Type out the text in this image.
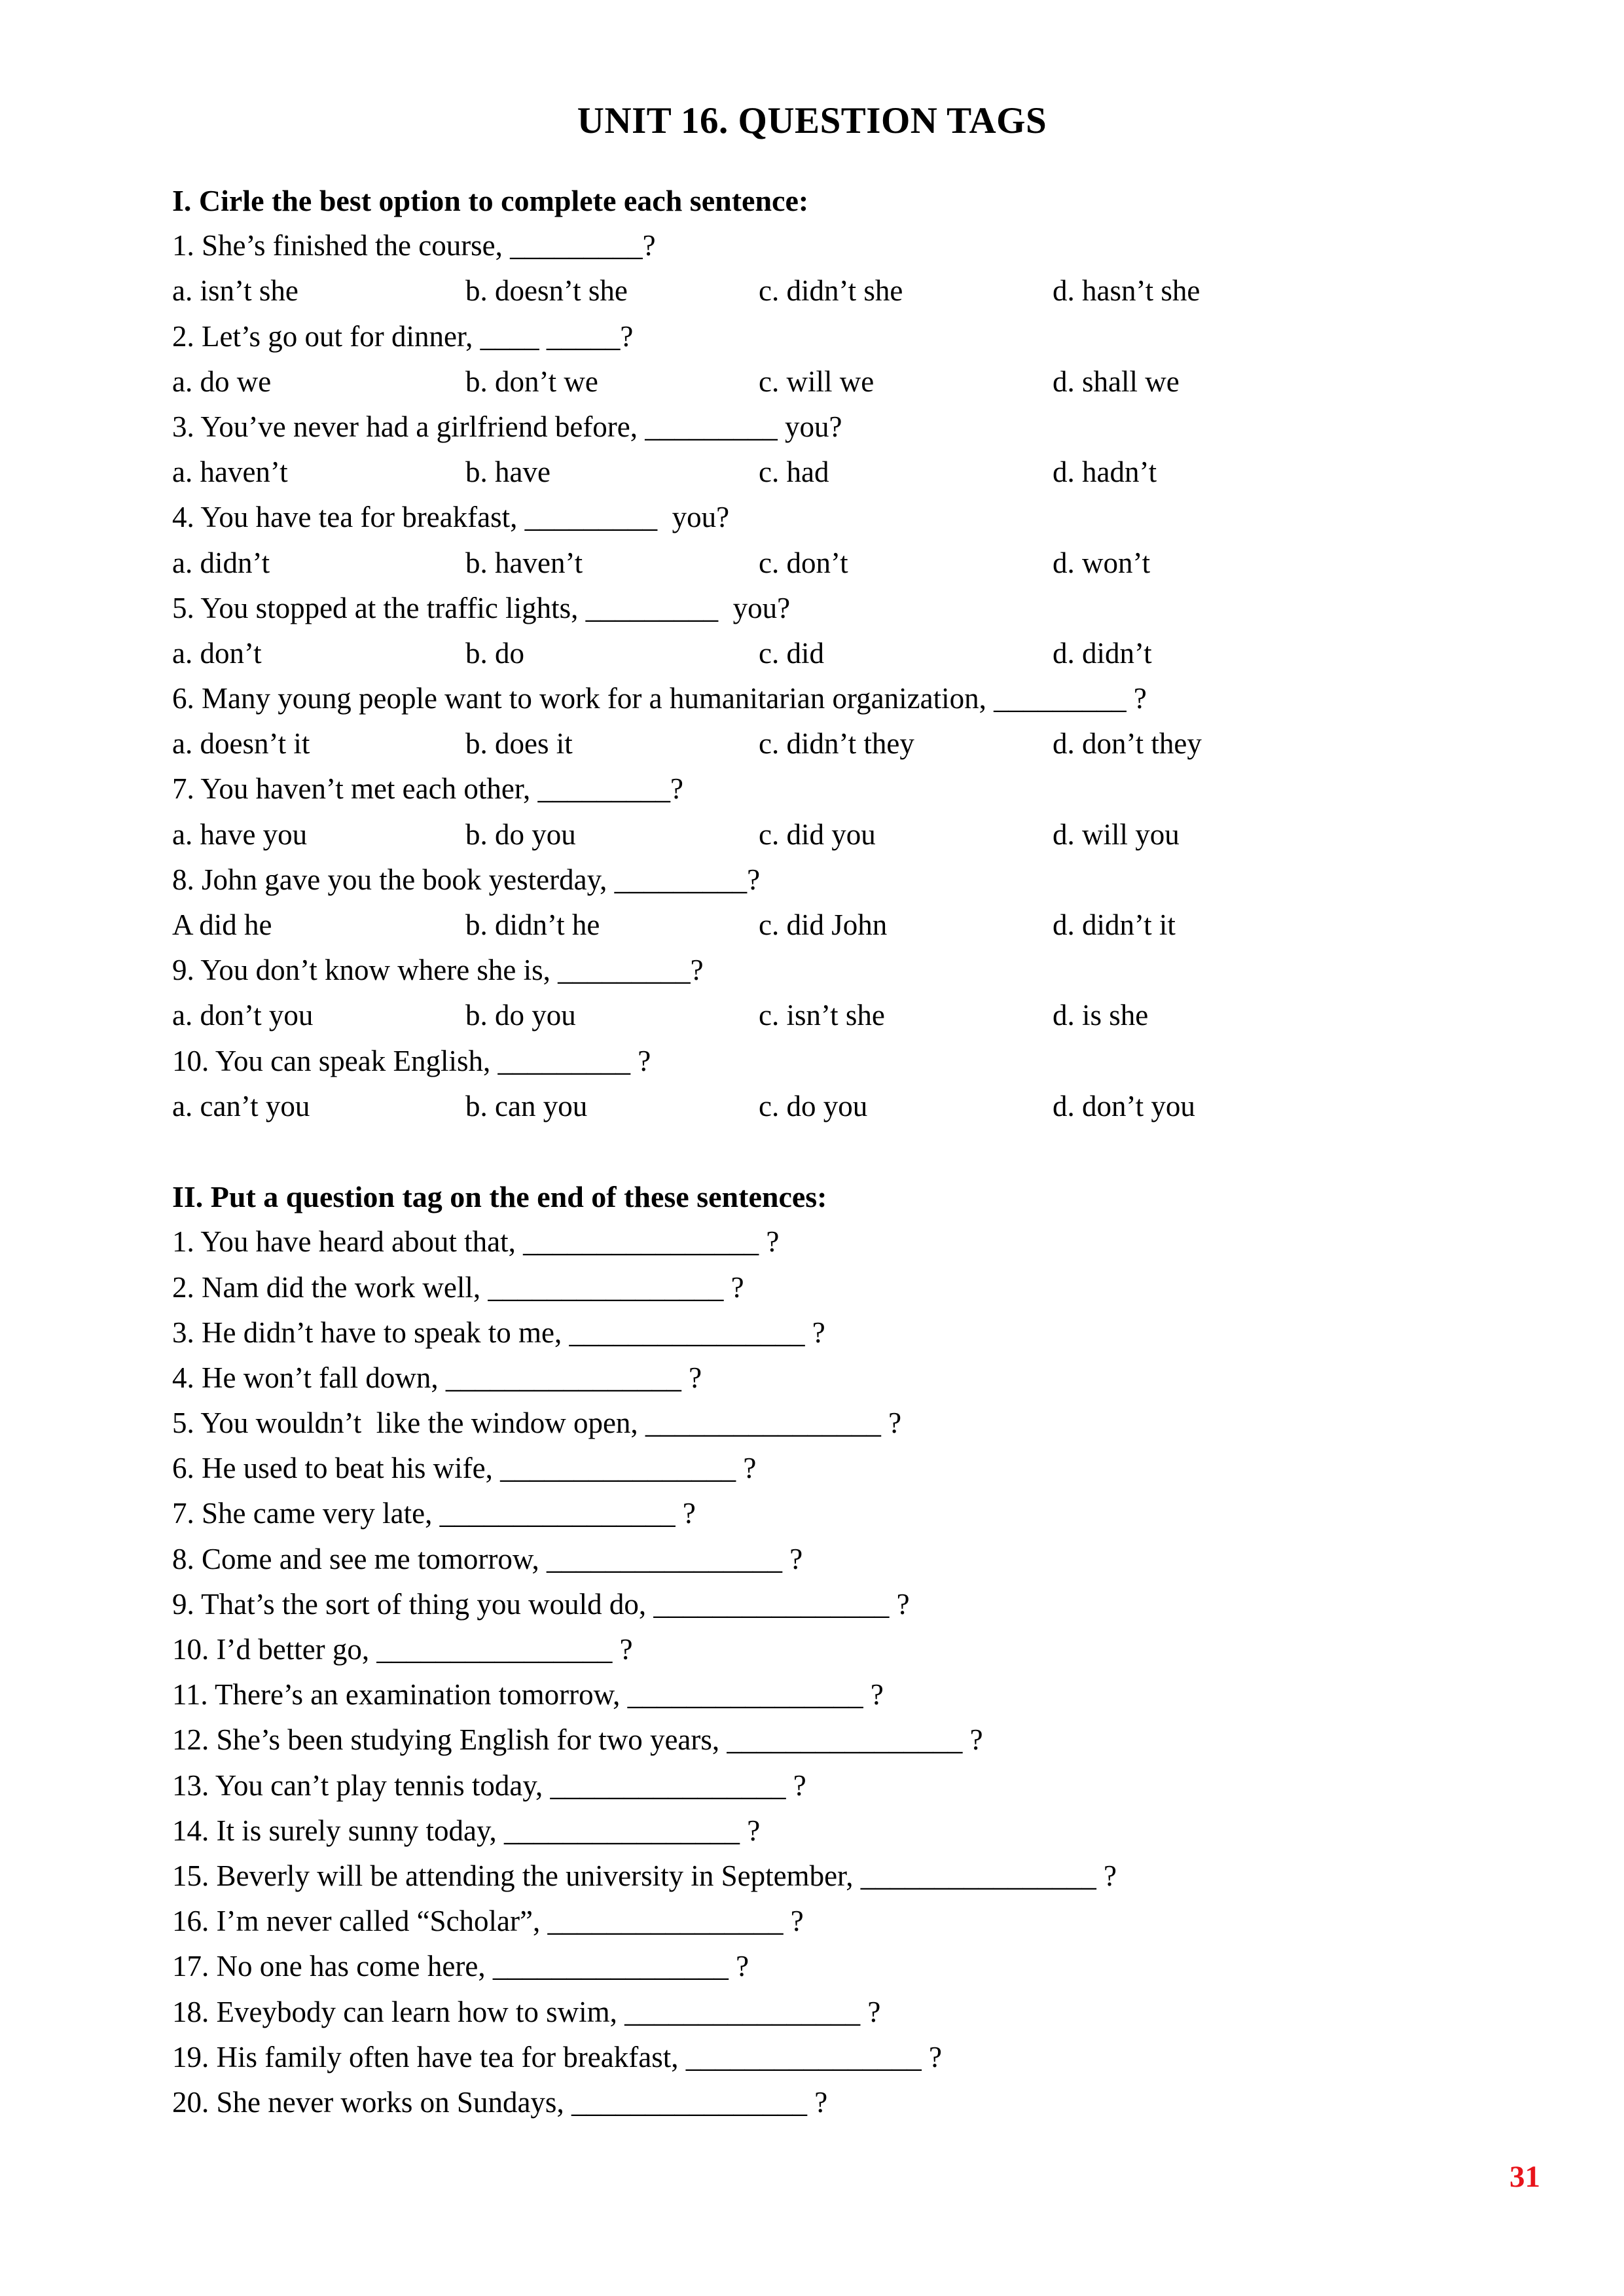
UNIT 16. QUESTION TAGS
I. Cirle the best option to complete each sentence:
1. She’s finished the course, _________?

a. isn’t she

	b. doesn’t she

	c. didn’t she

	d. hasn’t she

2. Let’s go out for dinner, ____ _____?

a. do we

	b. don’t we

	c. will we

	d. shall we

3. You’ve never had a girlfriend before, _________ you?

a. haven’t

	b. have

	c. had

	d. hadn’t

4. You have tea for breakfast, _________  you?

a. didn’t

	b. haven’t

	c. don’t

	d. won’t

5. You stopped at the traffic lights, _________  you?

a. don’t

	b. do

	c. did

	d. didn’t

6. Many young people want to work for a humanitarian organization, _________ ?

a. doesn’t it

	b. does it

	c. didn’t they

	d. don’t they

7. You haven’t met each other, _________?

a. have you

	b. do you

	c. did you

	d. will you

8. John gave you the book yesterday, _________?

A did he

	b. didn’t he

	c. did John

	d. didn’t it

9. You don’t know where she is, _________?

a. don’t you

	b. do you

	c. isn’t she

	d. is she

10. You can speak English, _________ ?

a. can’t you

	b. can you

	c. do you

	d. don’t you

II. Put a question tag on the end of these sentences:
1. You have heard about that, ________________ ?
2. Nam did the work well, ________________ ?
3. He didn’t have to speak to me, ________________ ?
4. He won’t fall down, ________________ ?
5. You wouldn’t  like the window open, ________________ ?
6. He used to beat his wife, ________________ ?
7. She came very late, ________________ ?
8. Come and see me tomorrow, ________________ ?
9. That’s the sort of thing you would do, ________________ ?
10. I’d better go, ________________ ?
11. There’s an examination tomorrow, ________________ ?
12. She’s been studying English for two years, ________________ ?
13. You can’t play tennis today, ________________ ?
14. It is surely sunny today, ________________ ?
15. Beverly will be attending the university in September, ________________ ?
16. I’m never called “Scholar”, ________________ ?
17. No one has come here, ________________ ?
18. Eveybody can learn how to swim, ________________ ?
19. His family often have tea for breakfast, ________________ ?
20. She never works on Sundays, ________________ ?
31
